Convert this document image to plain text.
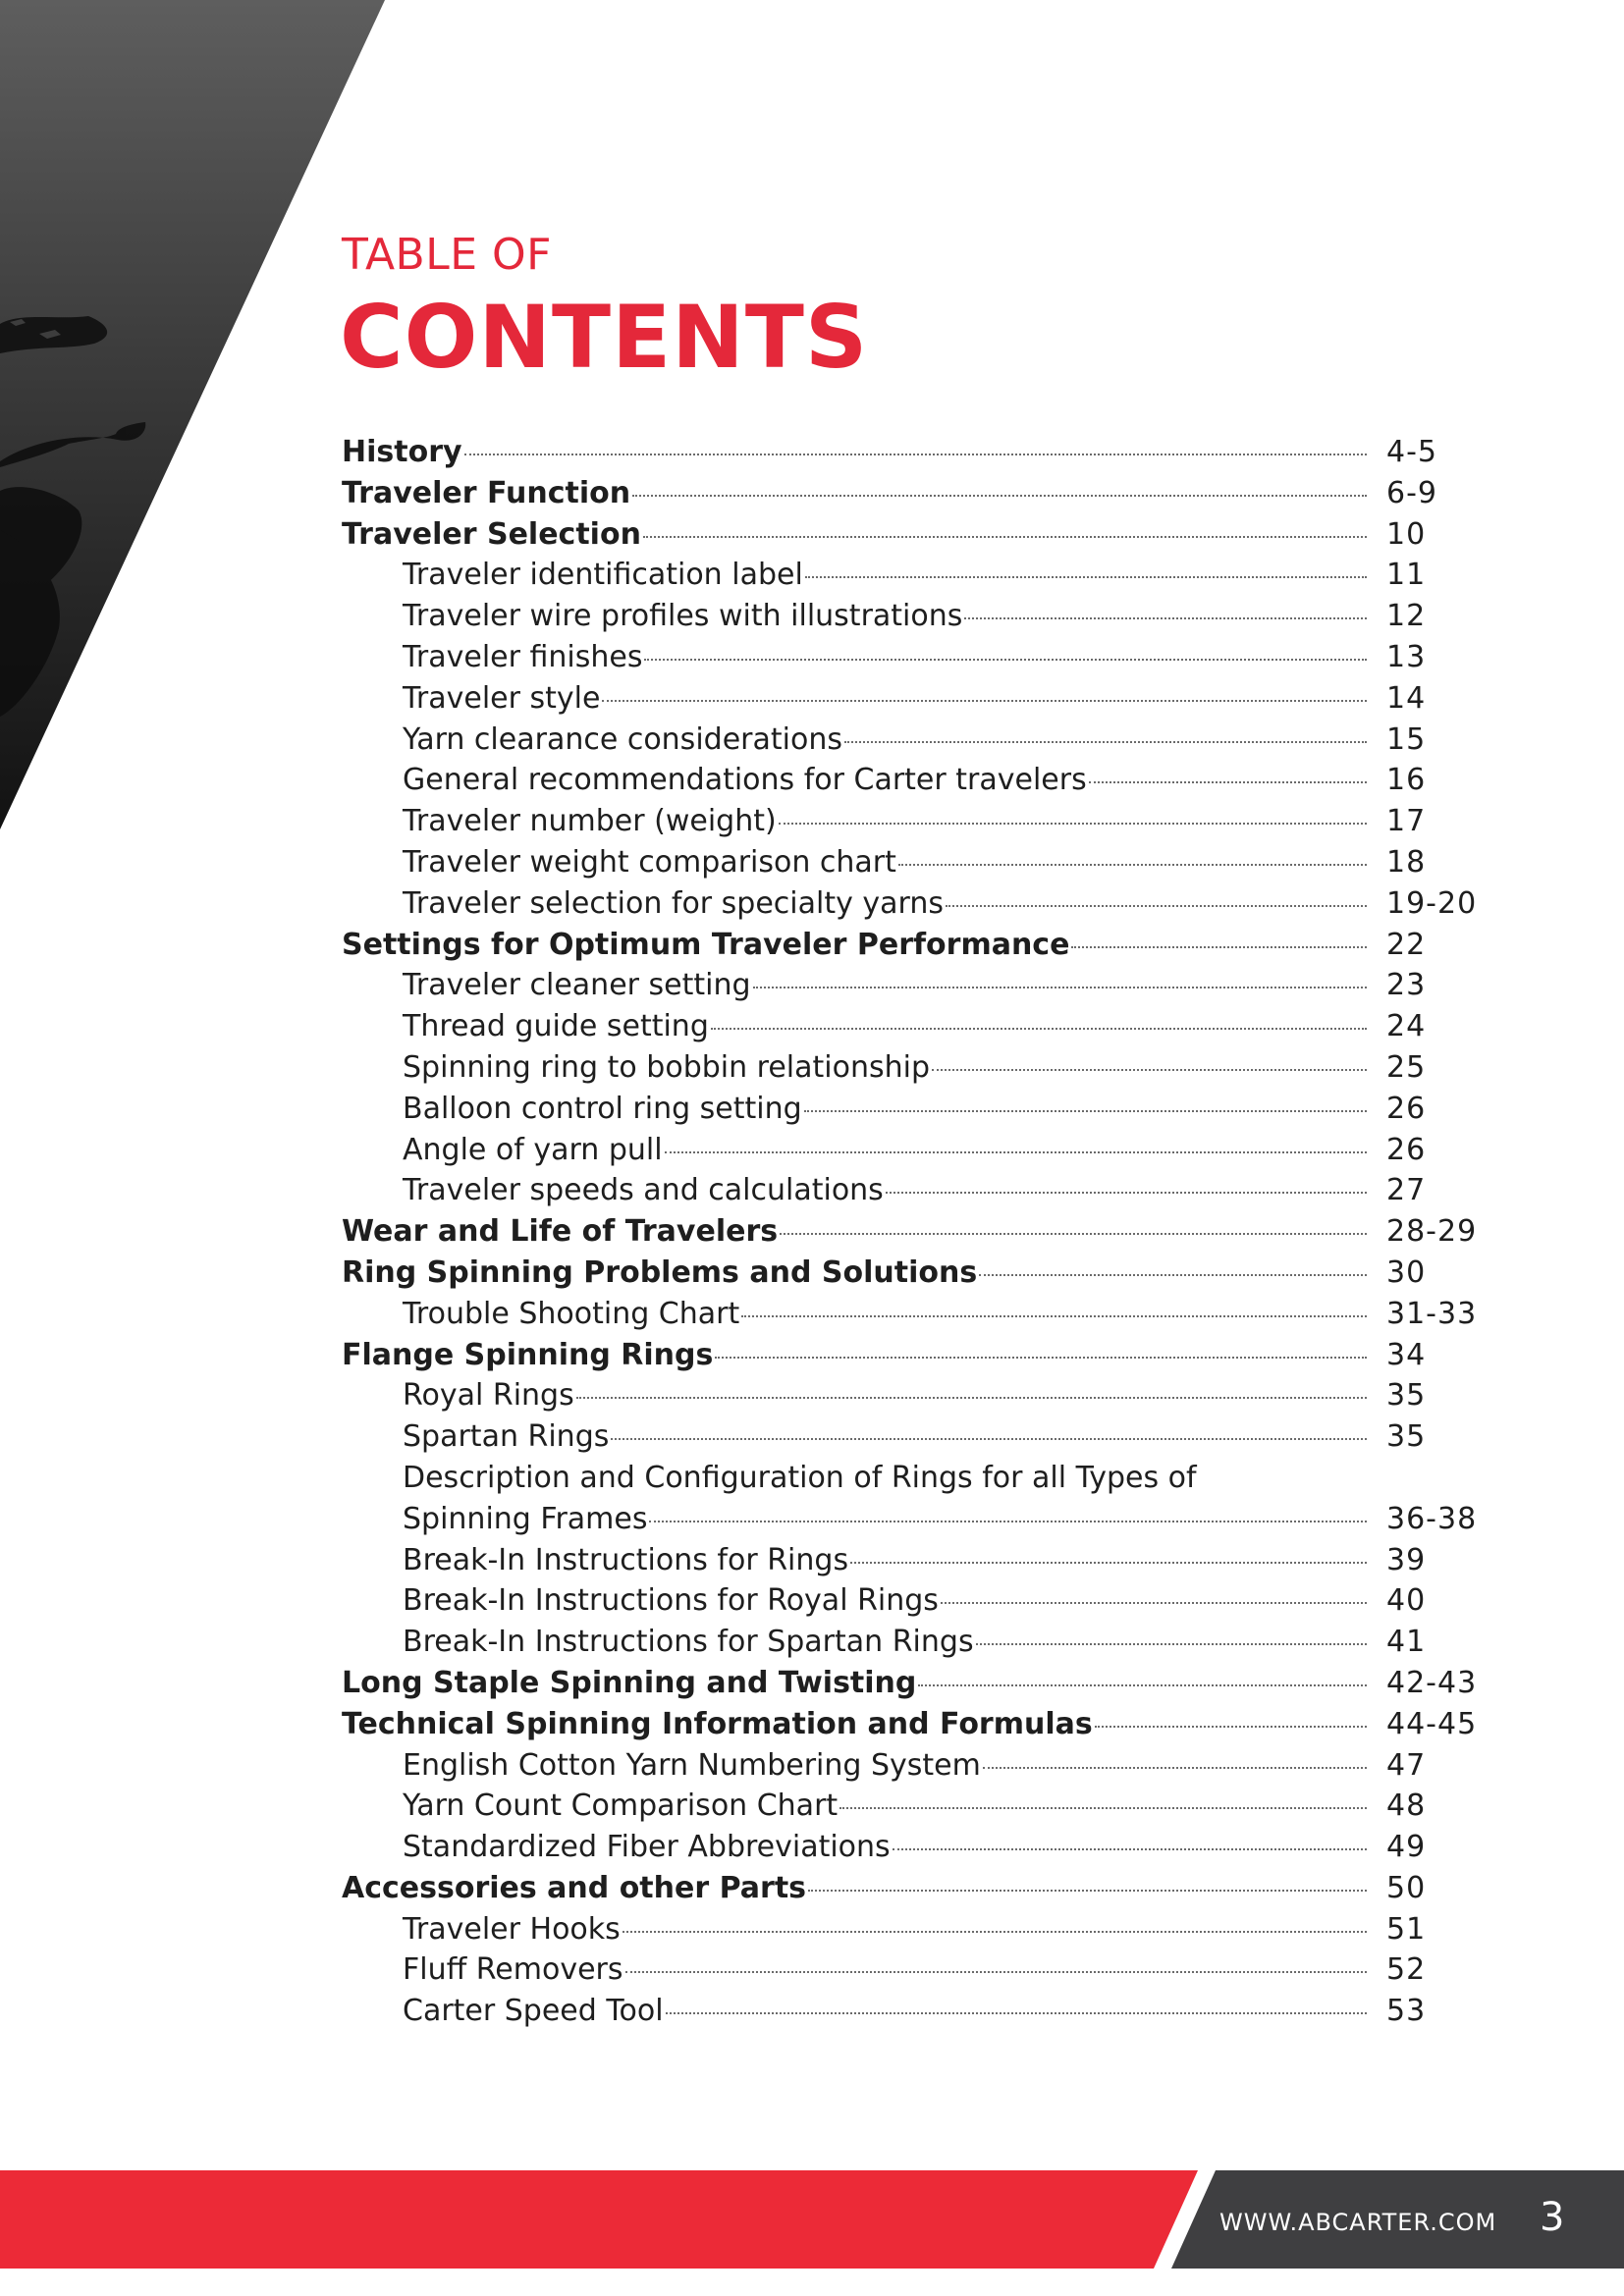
TABLE OF
CONTENTS
History	4-5
Traveler Function	6-9
Traveler Selection	10
Traveler identification label	11
Traveler wire profiles with illustrations	12
Traveler finishes	13
Traveler style	14
Yarn clearance considerations	15
General recommendations for Carter travelers	16
Traveler number (weight)	17
Traveler weight comparison chart	18
Traveler selection for specialty yarns	19-20
Settings for Optimum Traveler Performance	22
Traveler cleaner setting	23
Thread guide setting	24
Spinning ring to bobbin relationship	25
Balloon control ring setting	26
Angle of yarn pull	26
Traveler speeds and calculations	27
Wear and Life of Travelers	28-29
Ring Spinning Problems and Solutions	30
Trouble Shooting Chart	31-33
Flange Spinning Rings	34
Royal Rings	35
Spartan Rings	35
Description and Configuration of Rings for all Types of
Spinning Frames	36-38
Break-In Instructions for Rings	39
Break-In Instructions for Royal Rings	40
Break-In Instructions for Spartan Rings	41
Long Staple Spinning and Twisting	42-43
Technical Spinning Information and Formulas	44-45
English Cotton Yarn Numbering System	47
Yarn Count Comparison Chart	48
Standardized Fiber Abbreviations	49
Accessories and other Parts	50
Traveler Hooks	51
Fluff Removers	52
Carter Speed Tool	53
WWW.ABCARTER.COM 3
